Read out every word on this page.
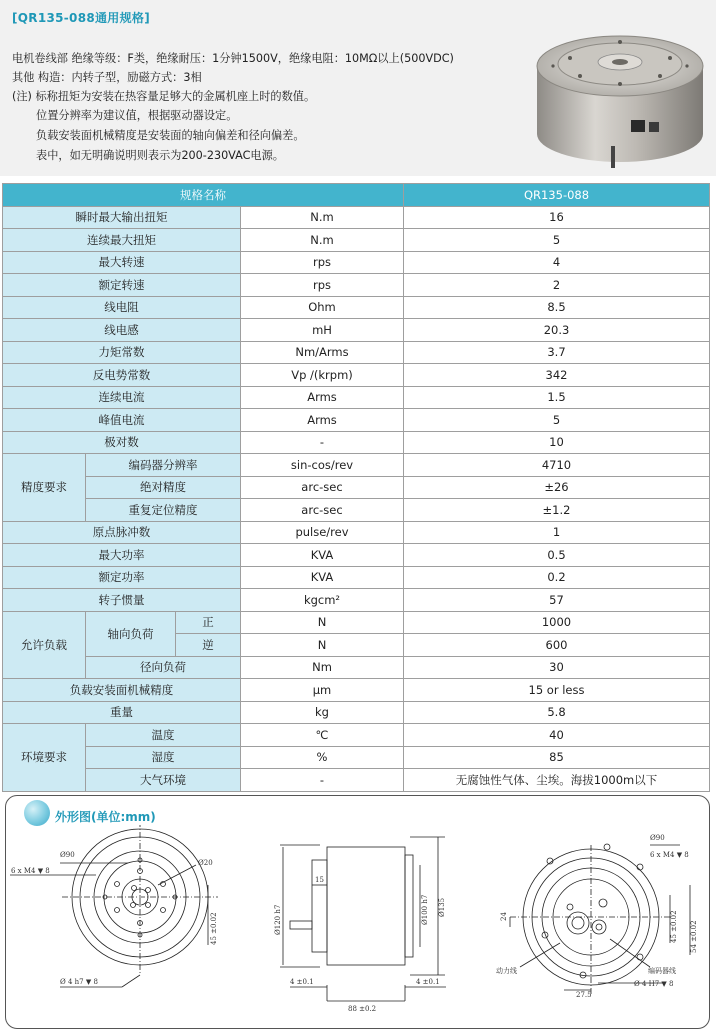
[QR135-088通用规格]
电机卷线部 绝缘等级：F类，绝缘耐压：1分钟1500V，绝缘电阻：10MΩ以上(500VDC)
其他 构造：内转子型，励磁方式：3相
(注) 标称扭矩为安装在热容量足够大的金属机座上时的数值。
位置分辨率为建议值，根据驱动器设定。
负载安装面机械精度是安装面的轴向偏差和径向偏差。
表中，如无明确说明则表示为200-230VAC电源。
规格名称				QR135-088
瞬时最大输出扭矩			N.m	16
连续最大扭矩			N.m	5
最大转速			rps	4
额定转速			rps	2
线电阻			Ohm	8.5
线电感			mH	20.3
力矩常数			Nm/Arms	3.7
反电势常数			Vp /(krpm)	342
连续电流			Arms	1.5
峰值电流			Arms	5
极对数			-	10
精度要求	编码器分辨率		sin-cos/rev	4710
	绝对精度		arc-sec	±26
	重复定位精度		arc-sec	±1.2
原点脉冲数			pulse/rev	1
最大功率			KVA	0.5
额定功率			KVA	0.2
转子惯量			kgcm²	57
允许负载	轴向负荷	正	N	1000
		逆	N	600
	径向负荷		Nm	30
负载安装面机械精度			μm	15 or less
重量			kg	5.8
环境要求	温度		℃	40
	湿度		%	85
	大气环境		-	无腐蚀性气体、尘埃。海拔1000m以下
外形图(单位:mm)
Ø90
Ø20
6 x M4 ▼ 8
Ø 4 h7 ▼ 8
45 ±0.02	Ø120 h7	Ø100 h7 Ø135
15
4 ±0.1	4 ±0.1
88 ±0.2
Ø90
6 x M4 ▼ 8
24	45 ±0.02 54 ±0.02
Ø 4 H7 ▼ 8
27.5
动力线	编码器线
